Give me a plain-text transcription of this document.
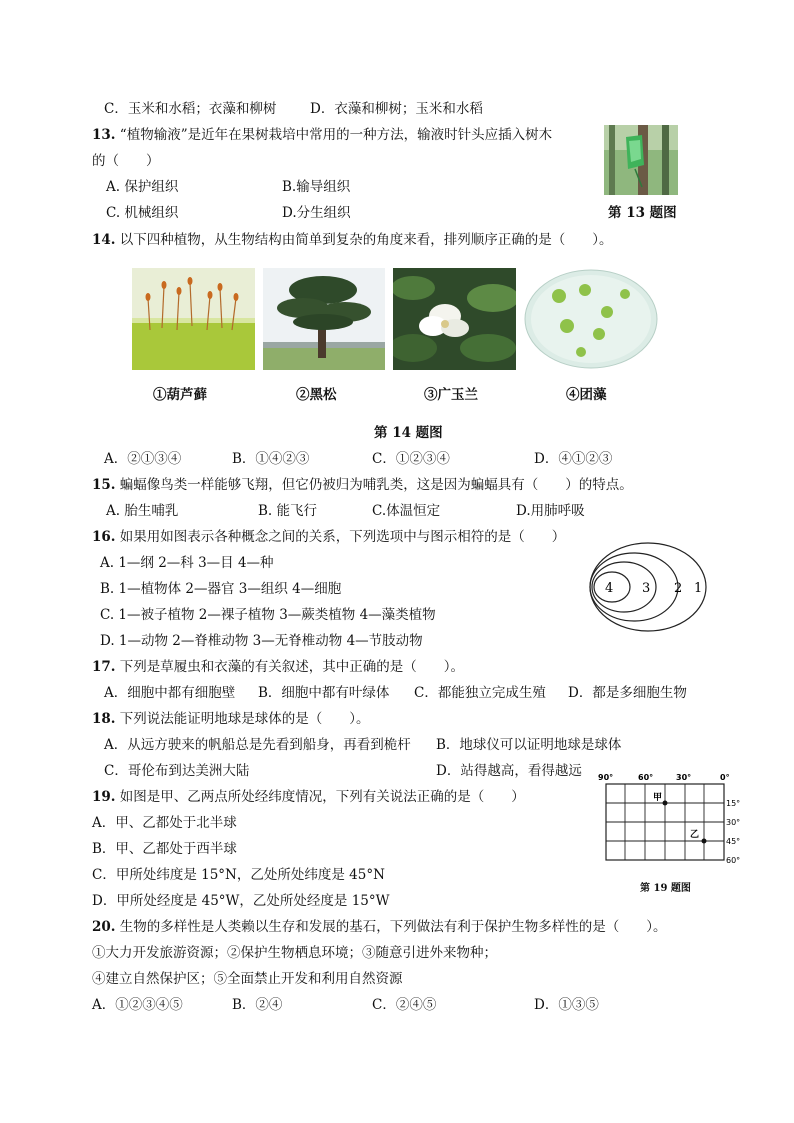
C．玉米和水稻；衣藻和柳树 D．衣藻和柳树；玉米和水稻
13. “植物输液”是近年在果树栽培中常用的一种方法，输液时针头应插入树木
的（　　）
A. 保护组织	B.输导组织
C. 机械组织	D.分生组织	第 13 题图
14. 以下四种植物，从生物结构由简单到复杂的角度来看，排列顺序正确的是（　　）。
①葫芦藓	②黑松	③广玉兰	④团藻
第 14 题图
A．②①③④	B．①④②③	C．①②③④	D．④①②③
15. 蝙蝠像鸟类一样能够飞翔，但它仍被归为哺乳类，这是因为蝙蝠具有（　　）的特点。
A. 胎生哺乳	B. 能飞行	C.体温恒定	D.用肺呼吸
16. 如果用如图表示各种概念之间的关系，下列选项中与图示相符的是（　　）
A. 1—纲 2—科 3—目 4—种
B. 1—植物体 2—器官 3—组织 4—细胞
C. 1—被子植物 2—裸子植物 3—蕨类植物 4—藻类植物
D. 1—动物 2—脊椎动物 3—无脊椎动物 4—节肢动物
4 3 2 1
17. 下列是草履虫和衣藻的有关叙述，其中正确的是（　　）。
A．细胞中都有细胞壁 B．细胞中都有叶绿体 C．都能独立完成生殖 D．都是多细胞生物
18. 下列说法能证明地球是球体的是（　　）。
A．从远方驶来的帆船总是先看到船身，再看到桅杆 B．地球仪可以证明地球是球体
C．哥伦布到达美洲大陆	D．站得越高，看得越远
19. 如图是甲、乙两点所处经纬度情况，下列有关说法正确的是（　　）
A．甲、乙都处于北半球
B．甲、乙都处于西半球
C．甲所处纬度是 15°N，乙处所处纬度是 45°N
D．甲所处经度是 45°W，乙处所处经度是 15°W
90°	60°	30°	0°
甲
乙
15°
30°
45°
60°
第 19 题图
20. 生物的多样性是人类赖以生存和发展的基石，下列做法有利于保护生物多样性的是（　　）。
①大力开发旅游资源；②保护生物栖息环境；③随意引进外来物种；
④建立自然保护区；⑤全面禁止开发和利用自然资源
A．①②③④⑤	B．②④	C．②④⑤	D．①③⑤
